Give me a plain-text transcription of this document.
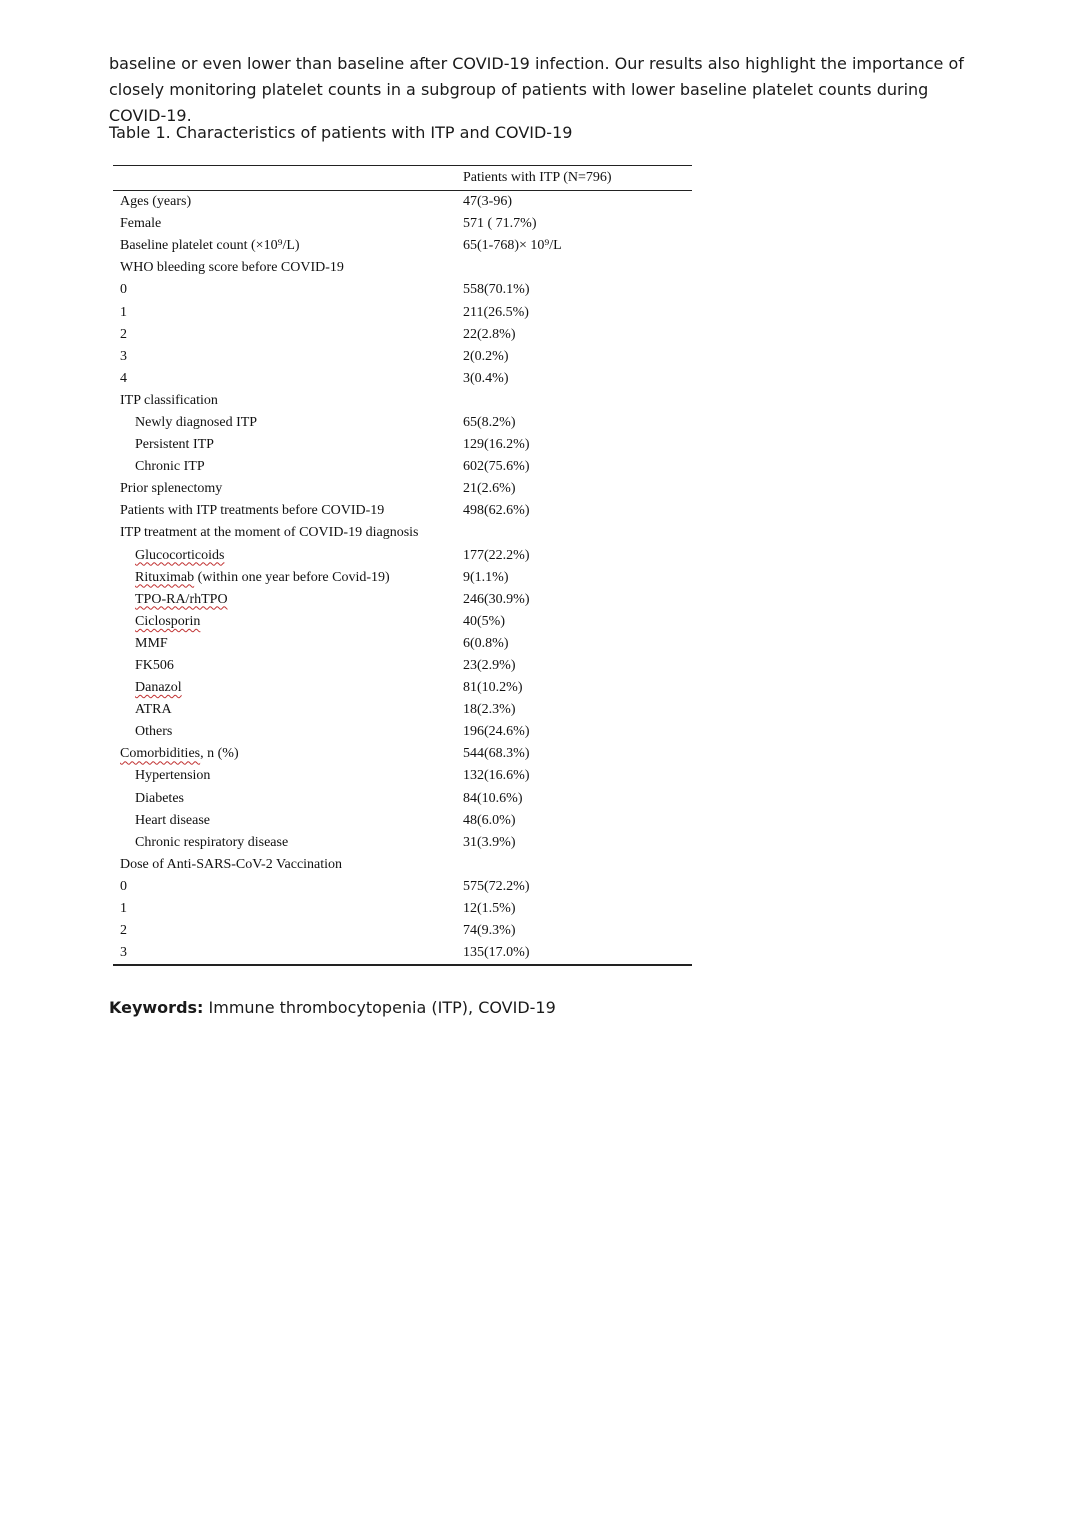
baseline or even lower than baseline after COVID-19 infection. Our results also highlight the importance of closely monitoring platelet counts in a subgroup of patients with lower baseline platelet counts during COVID-19.

Table 1. Characteristics of patients with ITP and COVID-19

Patients with ITP (N=796)
Ages (years)	47(3-96)
Female	571 ( 71.7%)
Baseline platelet count (×10⁹/L)	65(1-768)× 10⁹/L
WHO bleeding score before COVID-19
0	558(70.1%)
1	211(26.5%)
2	22(2.8%)
3	2(0.2%)
4	3(0.4%)
ITP classification
Newly diagnosed ITP	65(8.2%)
Persistent ITP	129(16.2%)
Chronic ITP	602(75.6%)
Prior splenectomy	21(2.6%)
Patients with ITP treatments before COVID-19	498(62.6%)
ITP treatment at the moment of COVID-19 diagnosis
Glucocorticoids	177(22.2%)
Rituximab (within one year before Covid-19)	9(1.1%)
TPO-RA/rhTPO	246(30.9%)
Ciclosporin	40(5%)
MMF	6(0.8%)
FK506	23(2.9%)
Danazol	81(10.2%)
ATRA	18(2.3%)
Others	196(24.6%)
Comorbidities, n (%)	544(68.3%)
Hypertension	132(16.6%)
Diabetes	84(10.6%)
Heart disease	48(6.0%)
Chronic respiratory disease	31(3.9%)
Dose of Anti-SARS-CoV-2 Vaccination
0	575(72.2%)
1	12(1.5%)
2	74(9.3%)
3	135(17.0%)

Keywords: Immune thrombocytopenia (ITP), COVID-19
